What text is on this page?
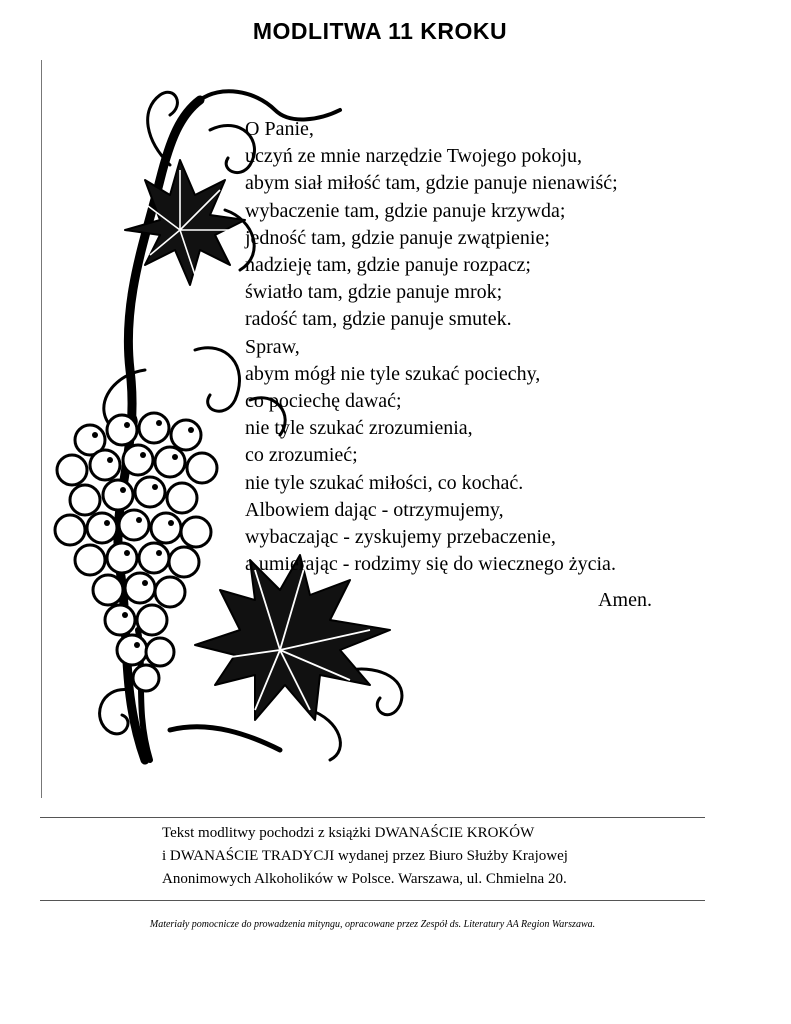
MODLITWA 11 KROKU
O Panie,
uczyń ze mnie narzędzie Twojego pokoju,
abym siał miłość tam, gdzie panuje nienawiść;
wybaczenie tam, gdzie panuje krzywda;
jedność tam, gdzie panuje zwątpienie;
nadzieję tam, gdzie panuje rozpacz;
światło tam, gdzie panuje mrok;
radość tam, gdzie panuje smutek.
Spraw,
abym mógł nie tyle szukać pociechy,
co pociechę dawać;
nie tyle szukać zrozumienia,
co zrozumieć;
nie tyle szukać miłości, co kochać.
Albowiem dając - otrzymujemy,
wybaczając - zyskujemy przebaczenie,
a umierając - rodzimy się do wiecznego życia.
Amen.
Tekst modlitwy pochodzi z książki DWANAŚCIE KROKÓW
i DWANAŚCIE TRADYCJI wydanej przez Biuro Służby Krajowej
Anonimowych Alkoholików w Polsce. Warszawa, ul. Chmielna 20.
Materiały pomocnicze do prowadzenia mityngu, opracowane przez Zespół ds. Literatury AA Region Warszawa.
